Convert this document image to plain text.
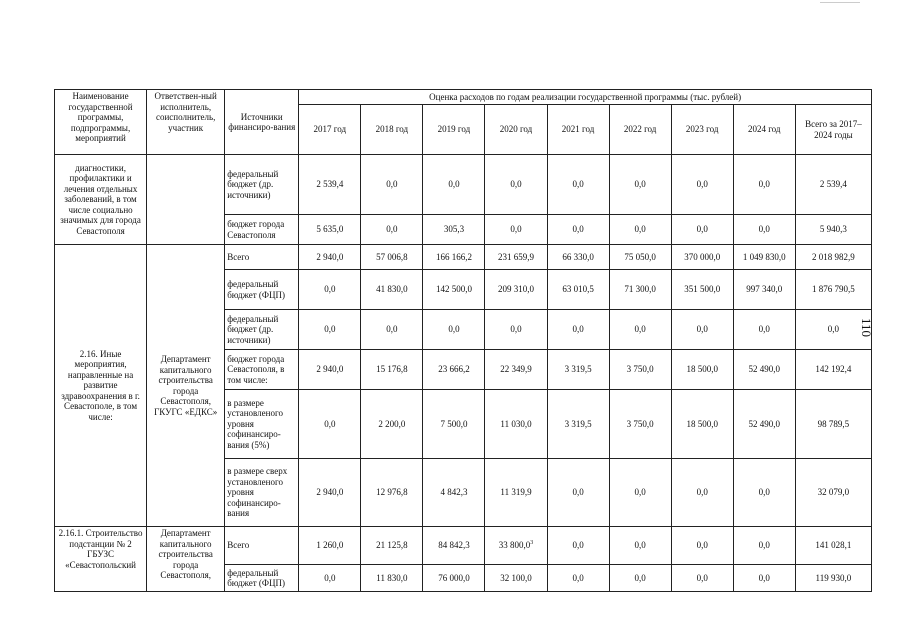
Наименование государственной программы, подпрограммы, мероприятий	Ответствен-ный исполнитель, соисполнитель, участник	Источники финансиро-вания	Оценка расходов по годам реализации государственной программы (тыс. рублей)								
			2017 год	2018 год	2019 год	2020 год	2021 год	2022 год	2023 год	2024 год	Всего за 2017–2024 годы
диагностики, профилактики и лечения отдельных заболеваний, в том числе социально значимых для города Севастополя		федеральный бюджет (др. источники)	2 539,4	0,0	0,0	0,0	0,0	0,0	0,0	0,0	2 539,4
		бюджет города Севастополя	5 635,0	0,0	305,3	0,0	0,0	0,0	0,0	0,0	5 940,3
2.16. Иные мероприятия, направленные на развитие здравоохранения в г. Севастополе, в том числе:	Департамент капитального строительства города Севастополя, ГКУГС «ЕДКС»	Всего	2 940,0	57 006,8	166 166,2	231 659,9	66 330,0	75 050,0	370 000,0	1 049 830,0	2 018 982,9
		федеральный бюджет (ФЦП)	0,0	41 830,0	142 500,0	209 310,0	63 010,5	71 300,0	351 500,0	997 340,0	1 876 790,5
		федеральный бюджет (др. источники)	0,0	0,0	0,0	0,0	0,0	0,0	0,0	0,0	0,0
		бюджет города Севастополя, в том числе:	2 940,0	15 176,8	23 666,2	22 349,9	3 319,5	3 750,0	18 500,0	52 490,0	142 192,4
		в размере установленого уровня софинансиро-вания (5%)	0,0	2 200,0	7 500,0	11 030,0	3 319,5	3 750,0	18 500,0	52 490,0	98 789,5
		в размере сверх установленого уровня софинансиро-вания	2 940,0	12 976,8	4 842,3	11 319,9	0,0	0,0	0,0	0,0	32 079,0
2.16.1. Строительство подстанции № 2 ГБУЗС «Севастопольский	Департамент капитального строительства города Севастополя,	Всего	1 260,0	21 125,8	84 842,3	33 800,0$^3$	0,0	0,0	0,0	0,0	141 028,1
		федеральный бюджет (ФЦП)	0,0	11 830,0	76 000,0	32 100,0	0,0	0,0	0,0	0,0	119 930,0
110
